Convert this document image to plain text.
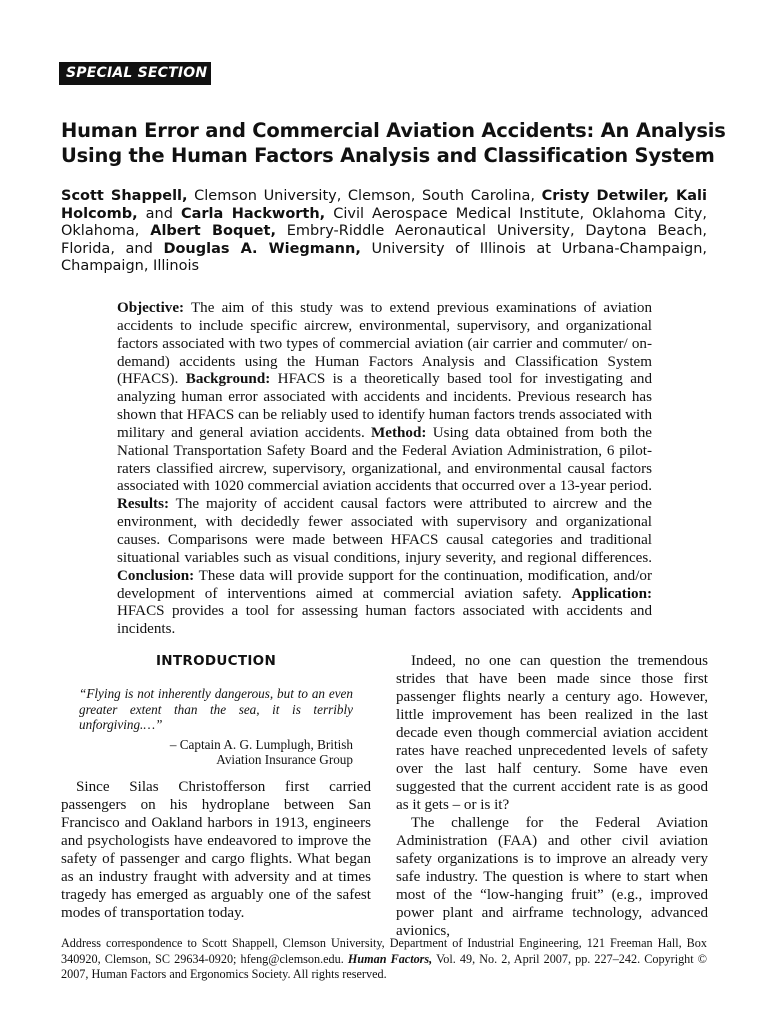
SPECIAL SECTION
Human Error and Commercial Aviation Accidents: An Analysis
Using the Human Factors Analysis and Classification System

Scott Shappell, Clemson University, Clemson, South Carolina, Cristy Detwiler, Kali Holcomb, and Carla Hackworth, Civil Aerospace Medical Institute, Oklahoma City, Oklahoma, Albert Boquet, Embry-Riddle Aeronautical University, Daytona Beach, Florida, and Douglas A. Wiegmann, University of Illinois at Urbana-Champaign, Champaign, Illinois

Objective: The aim of this study was to extend previous examinations of aviation accidents to include specific aircrew, environmental, supervisory, and organizational factors associated with two types of commercial aviation (air carrier and commuter/ on-demand) accidents using the Human Factors Analysis and Classification System (HFACS). Background: HFACS is a theoretically based tool for investigating and analyzing human error associated with accidents and incidents. Previous research has shown that HFACS can be reliably used to identify human factors trends associated with military and general aviation accidents. Method: Using data obtained from both the National Transportation Safety Board and the Federal Aviation Administration, 6 pilot-raters classified aircrew, supervisory, organizational, and environmental causal factors associated with 1020 commercial aviation accidents that occurred over a 13-year period. Results: The majority of accident causal factors were attributed to aircrew and the environment, with decidedly fewer associated with supervisory and organizational causes. Comparisons were made between HFACS causal categories and traditional situational variables such as visual conditions, injury severity, and regional differences. Conclusion: These data will provide support for the continuation, modification, and/or development of interventions aimed at commercial aviation safety. Application: HFACS provides a tool for assessing human factors associated with accidents and incidents.

INTRODUCTION

“Flying is not inherently dangerous, but to an even greater extent than the sea, it is terribly unforgiving.…”

– Captain A. G. Lumplugh, British
Aviation Insurance Group

Since Silas Christofferson first carried passengers on his hydroplane between San Francisco and Oakland harbors in 1913, engineers and psychologists have endeavored to improve the safety of passenger and cargo flights. What began as an industry fraught with adversity and at times tragedy has emerged as arguably one of the safest modes of transportation today.

Indeed, no one can question the tremendous strides that have been made since those first passenger flights nearly a century ago. However, little improvement has been realized in the last decade even though commercial aviation accident rates have reached unprecedented levels of safety over the last half century. Some have even suggested that the current accident rate is as good as it gets – or is it?

The challenge for the Federal Aviation Administration (FAA) and other civil aviation safety organizations is to improve an already very safe industry. The question is where to start when most of the “low-hanging fruit” (e.g., improved power plant and airframe technology, advanced avionics,

Address correspondence to Scott Shappell, Clemson University, Department of Industrial Engineering, 121 Freeman Hall, Box 340920, Clemson, SC 29634-0920; hfeng@clemson.edu. Human Factors, Vol. 49, No. 2, April 2007, pp. 227–242. Copyright © 2007, Human Factors and Ergonomics Society. All rights reserved.
